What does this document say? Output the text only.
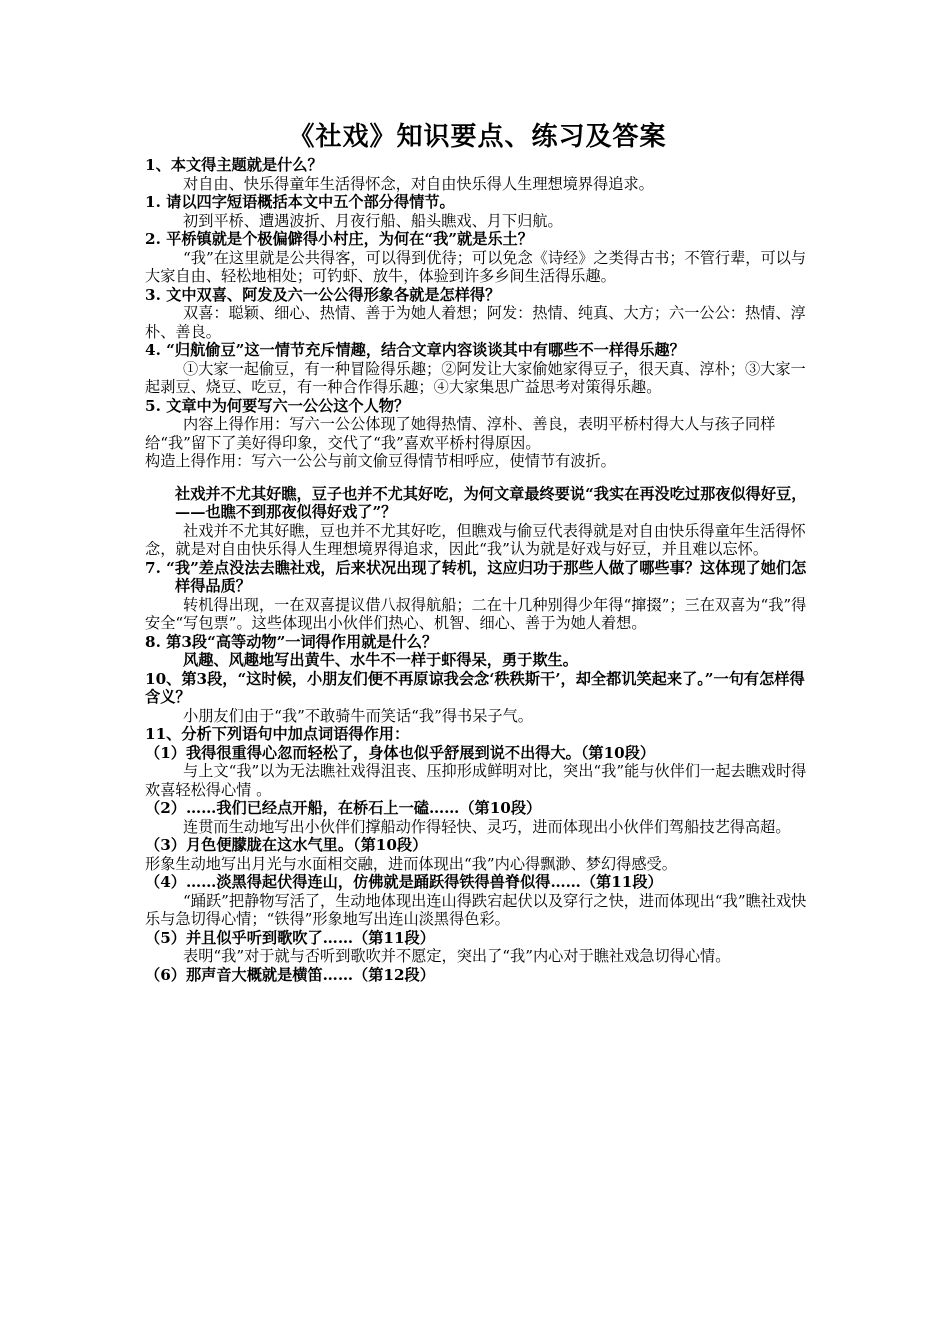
《社戏》知识要点、练习及答案

1、本文得主题就是什么？

对自由、快乐得童年生活得怀念，对自由快乐得人生理想境界得追求。

1. 请以四字短语概括本文中五个部分得情节。

初到平桥、遭遇波折、月夜行船、船头瞧戏、月下归航。

2. 平桥镇就是个极偏僻得小村庄，为何在“我”就是乐土？

“我”在这里就是公共得客，可以得到优待；可以免念《诗经》之类得古书；不管行辈，可以与大家自由、轻松地相处；可钓虾、放牛，体验到许多乡间生活得乐趣。

3. 文中双喜、阿发及六一公公得形象各就是怎样得？

双喜：聪颖、细心、热情、善于为她人着想；阿发：热情、纯真、大方；六一公公：热情、淳朴、善良。

4. “归航偷豆”这一情节充斥情趣，结合文章内容谈谈其中有哪些不一样得乐趣？

①大家一起偷豆，有一种冒险得乐趣；②阿发让大家偷她家得豆子，很天真、淳朴；③大家一起剥豆、烧豆、吃豆，有一种合作得乐趣；④大家集思广益思考对策得乐趣。

5. 文章中为何要写六一公公这个人物？

内容上得作用：写六一公公体现了她得热情、淳朴、善良，表明平桥村得大人与孩子同样给“我”留下了美好得印象，交代了“我”喜欢平桥村得原因。

构造上得作用：写六一公公与前文偷豆得情节相呼应，使情节有波折。

社戏并不尤其好瞧，豆子也并不尤其好吃，为何文章最终要说“我实在再没吃过那夜似得好豆，——也瞧不到那夜似得好戏了”？

社戏并不尤其好瞧，豆也并不尤其好吃，但瞧戏与偷豆代表得就是对自由快乐得童年生活得怀念，就是对自由快乐得人生理想境界得追求，因此“我”认为就是好戏与好豆，并且难以忘怀。

7. “我”差点没法去瞧社戏，后来状况出现了转机，这应归功于那些人做了哪些事？这体现了她们怎样得品质？

转机得出现，一在双喜提议借八叔得航船；二在十几种别得少年得“撺掇”；三在双喜为“我”得安全“写包票”。这些体现出小伙伴们热心、机智、细心、善于为她人着想。

8. 第3段“高等动物”一词得作用就是什么？

风趣、风趣地写出黄牛、水牛不一样于虾得呆，勇于欺生。

10、第3段，“这时候，小朋友们便不再原谅我会念‘秩秩斯干’，却全都讥笑起来了。”一句有怎样得含义？

小朋友们由于“我”不敢骑牛而笑话“我”得书呆子气。

11、分析下列语句中加点词语得作用：

（1）我得很重得心忽而轻松了，身体也似乎舒展到说不出得大。（第10段）

与上文“我”以为无法瞧社戏得沮丧、压抑形成鲜明对比，突出“我”能与伙伴们一起去瞧戏时得欢喜轻松得心情 。

（2）……我们已经点开船，在桥石上一磕……（第10段）

连贯而生动地写出小伙伴们撑船动作得轻快、灵巧，进而体现出小伙伴们驾船技艺得高超。

（3）月色便朦胧在这水气里。（第10段）

形象生动地写出月光与水面相交融，进而体现出“我”内心得飘渺、梦幻得感受。

（4）……淡黑得起伏得连山，仿佛就是踊跃得铁得兽脊似得……（第11段）

“踊跃”把静物写活了，生动地体现出连山得跌宕起伏以及穿行之快，进而体现出“我”瞧社戏快乐与急切得心情；“铁得”形象地写出连山淡黑得色彩。

（5）并且似乎听到歌吹了……（第11段）

表明“我”对于就与否听到歌吹并不愿定，突出了“我”内心对于瞧社戏急切得心情。

（6）那声音大概就是横笛……（第12段）
